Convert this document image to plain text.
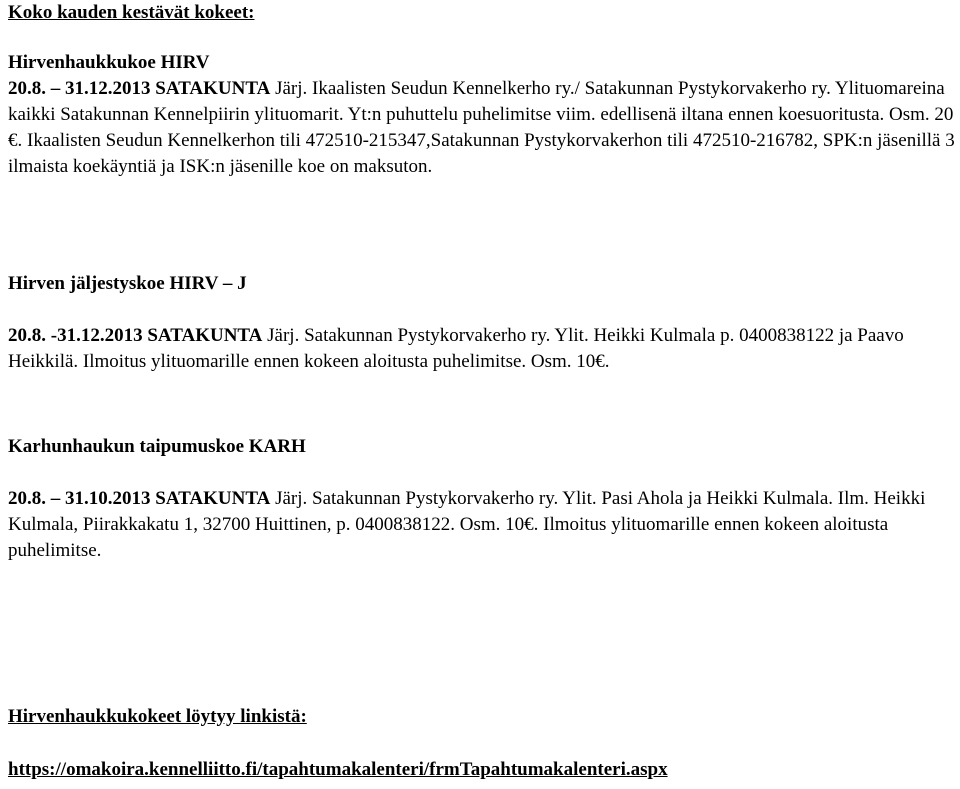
Koko kauden kestävät kokeet:
Hirvenhaukkukoe HIRV

20.8. – 31.12.2013 SATAKUNTA Järj. Ikaalisten Seudun Kennelkerho ry./ Satakunnan Pystykorvakerho ry. Ylituomareina kaikki Satakunnan Kennelpiirin ylituomarit. Yt:n puhuttelu puhelimitse viim. edellisenä iltana ennen koesuoritusta. Osm. 20 €. Ikaalisten Seudun Kennelkerhon tili 472510-215347,Satakunnan Pystykorvakerhon tili 472510-216782, SPK:n jäsenillä 3 ilmaista koekäyntiä ja ISK:n jäsenille koe on maksuton.

Hirven jäljestyskoe HIRV – J

20.8. -31.12.2013 SATAKUNTA Järj. Satakunnan Pystykorvakerho ry. Ylit. Heikki Kulmala p. 0400838122 ja Paavo Heikkilä. Ilmoitus ylituomarille ennen kokeen aloitusta puhelimitse. Osm. 10€.

Karhunhaukun taipumuskoe KARH

20.8. – 31.10.2013 SATAKUNTA Järj. Satakunnan Pystykorvakerho ry. Ylit. Pasi Ahola ja Heikki Kulmala. Ilm. Heikki Kulmala, Piirakkakatu 1, 32700 Huittinen, p. 0400838122. Osm. 10€. Ilmoitus ylituomarille ennen kokeen aloitusta puhelimitse.

Hirvenhaukkukokeet löytyy linkistä:
https://omakoira.kennelliitto.fi/tapahtumakalenteri/frmTapahtumakalenteri.aspx
